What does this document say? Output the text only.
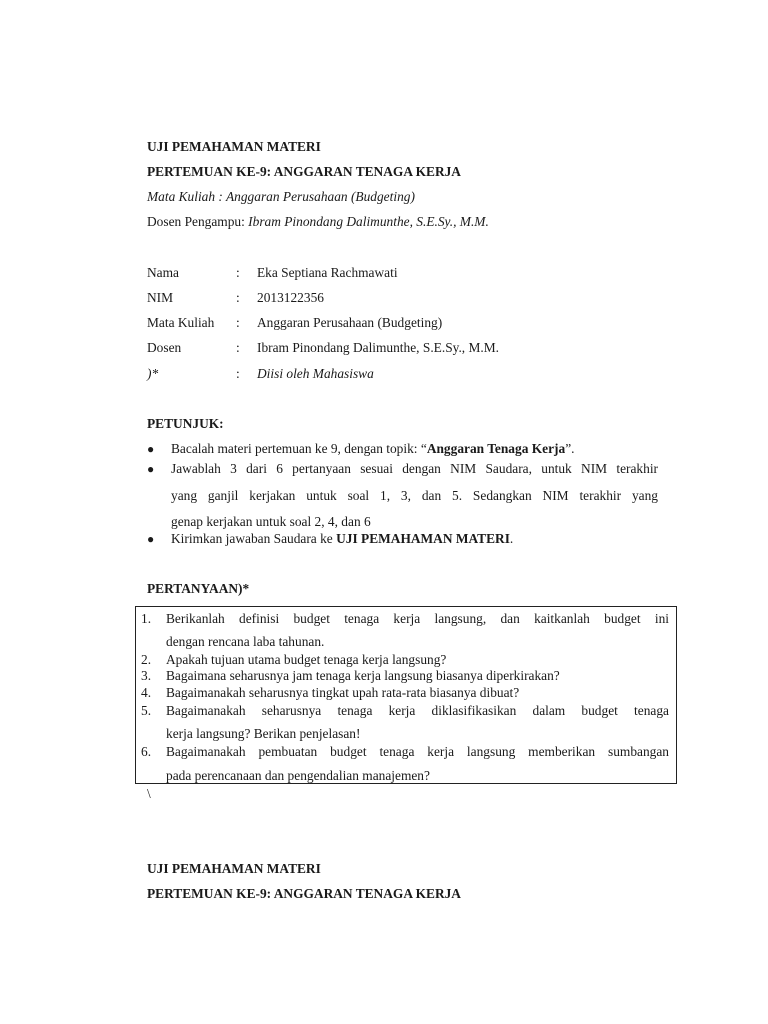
UJI PEMAHAMAN MATERI
PERTEMUAN KE-9: ANGGARAN TENAGA KERJA
Mata Kuliah : Anggaran Perusahaan (Budgeting)
Dosen Pengampu: Ibram Pinondang Dalimunthe, S.E.Sy., M.M.
Nama	: Eka Septiana Rachmawati
NIM	: 2013122356
Mata Kuliah : Anggaran Perusahaan (Budgeting)
Dosen	: Ibram Pinondang Dalimunthe, S.E.Sy., M.M.
)*	: Diisi oleh Mahasiswa
PETUNJUK:
● Bacalah materi pertemuan ke 9, dengan topik: “Anggaran Tenaga Kerja”.
● Jawablah 3 dari 6 pertanyaan sesuai dengan NIM Saudara, untuk NIM terakhir
yang ganjil kerjakan untuk soal 1, 3, dan 5. Sedangkan NIM terakhir yang
genap kerjakan untuk soal 2, 4, dan 6
● Kirimkan jawaban Saudara ke UJI PEMAHAMAN MATERI.
PERTANYAAN)*
1. Berikanlah definisi budget tenaga kerja langsung, dan kaitkanlah budget ini
dengan rencana laba tahunan.
2. Apakah tujuan utama budget tenaga kerja langsung?
3. Bagaimana seharusnya jam tenaga kerja langsung biasanya diperkirakan?
4. Bagaimanakah seharusnya tingkat upah rata-rata biasanya dibuat?
5. Bagaimanakah seharusnya tenaga kerja diklasifikasikan dalam budget tenaga
kerja langsung? Berikan penjelasan!
6. Bagaimanakah pembuatan budget tenaga kerja langsung memberikan sumbangan
pada perencanaan dan pengendalian manajemen?
\
UJI PEMAHAMAN MATERI
PERTEMUAN KE-9: ANGGARAN TENAGA KERJA
